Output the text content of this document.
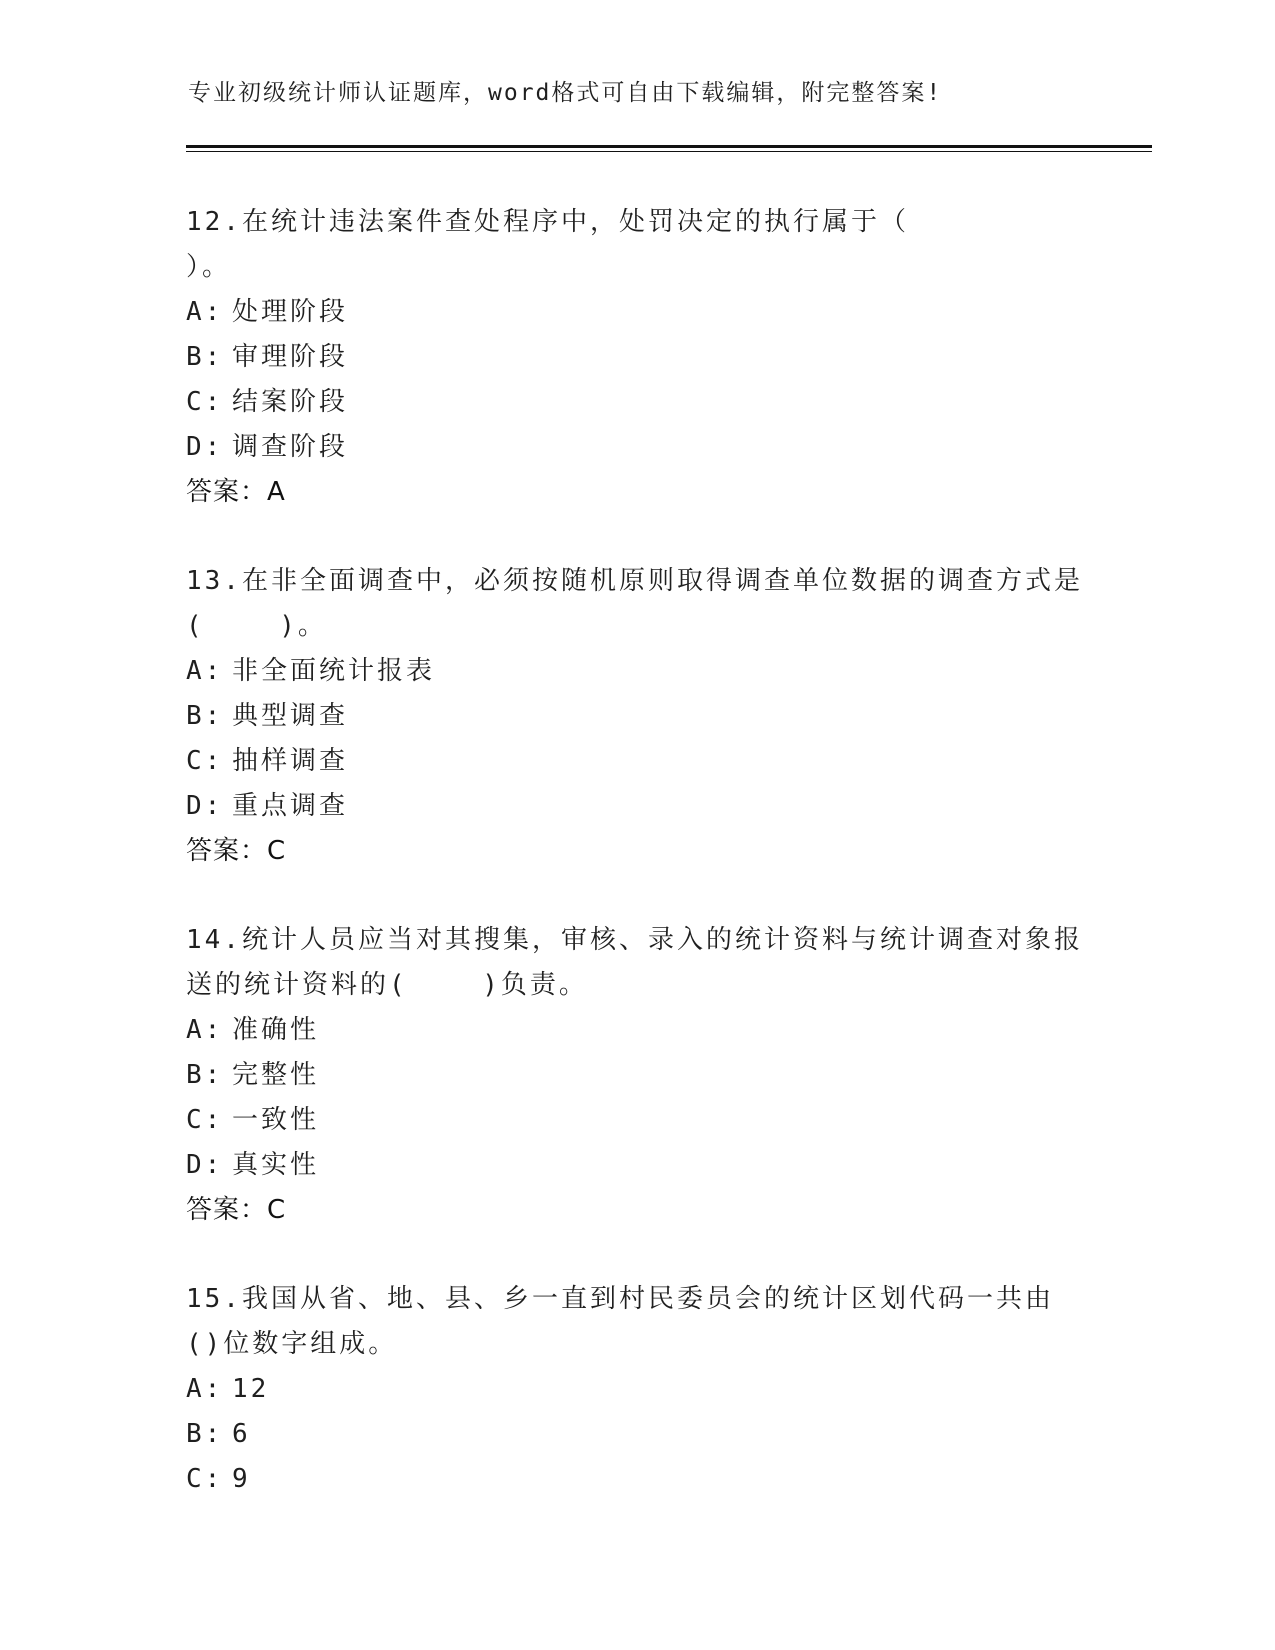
专业初级统计师认证题库，word格式可自由下载编辑，附完整答案!
12.在统计违法案件查处程序中，处罚决定的执行属于（        ）。
A: 处理阶段
B: 审理阶段
C: 结案阶段
D: 调查阶段
答案：A
13.在非全面调查中，必须按随机原则取得调查单位数据的调查方式是(    )。
A: 非全面统计报表
B: 典型调查
C: 抽样调查
D: 重点调查
答案：C
14.统计人员应当对其搜集，审核、录入的统计资料与统计调查对象报送的统计资料的(    )负责。
A: 准确性
B: 完整性
C: 一致性
D: 真实性
答案：C
15.我国从省、地、县、乡一直到村民委员会的统计区划代码一共由()位数字组成。
A: 12
B: 6
C: 9
